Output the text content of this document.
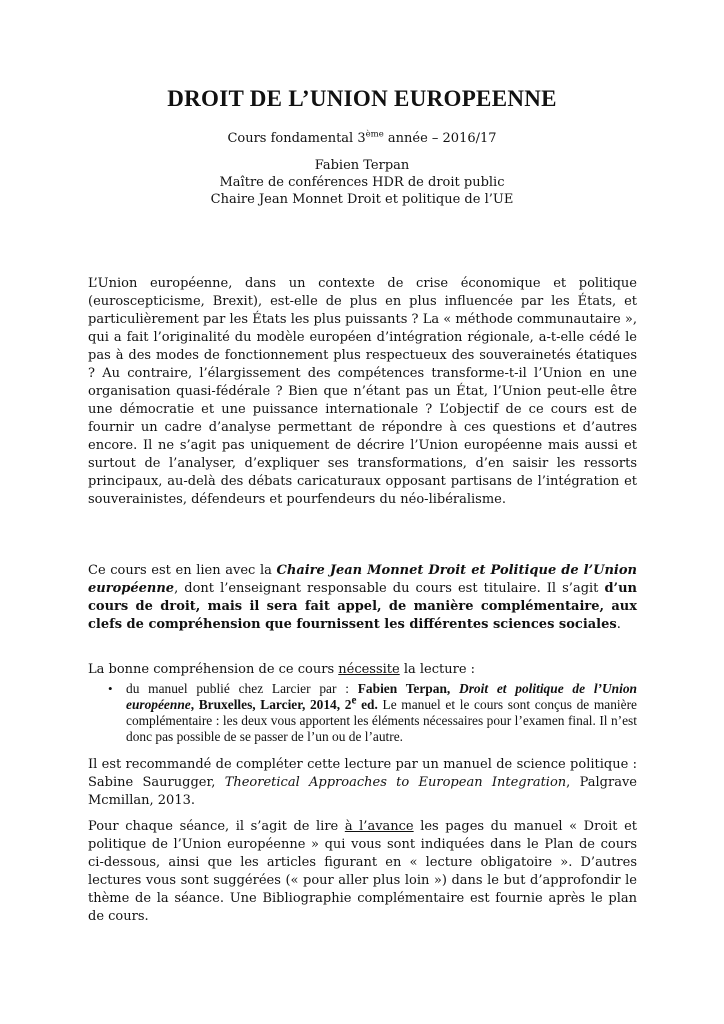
DROIT DE L’UNION EUROPEENNE

Cours fondamental 3ème année – 2016/17

Fabien Terpan

Maître de conférences HDR de droit public

Chaire Jean Monnet Droit et politique de l’UE

L’Union européenne, dans un contexte de crise économique et politique (euroscepticisme, Brexit), est-elle de plus en plus influencée par les États, et particulièrement par les États les plus puissants ? La « méthode communautaire », qui a fait l’originalité du modèle européen d’intégration régionale, a-t-elle cédé le pas à des modes de fonctionnement plus respectueux des souverainetés étatiques ? Au contraire, l’élargissement des compétences transforme-t-il l’Union en une organisation quasi-fédérale ? Bien que n’étant pas un État, l’Union peut-elle être une démocratie et une puissance internationale ? L’objectif de ce cours est de fournir un cadre d’analyse permettant de répondre à ces questions et d’autres encore. Il ne s’agit pas uniquement de décrire l’Union européenne mais aussi et surtout de l’analyser, d’expliquer ses transformations, d’en saisir les ressorts principaux, au-delà des débats caricaturaux opposant partisans de l’intégration et souverainistes, défendeurs et pourfendeurs du néo-libéralisme.

Ce cours est en lien avec la Chaire Jean Monnet Droit et Politique de l’Union européenne, dont l’enseignant responsable du cours est titulaire. Il s’agit d’un cours de droit, mais il sera fait appel, de manière complémentaire, aux clefs de compréhension que fournissent les différentes sciences sociales.

La bonne compréhension de ce cours nécessite la lecture :

• du manuel publié chez Larcier par : Fabien Terpan, Droit et politique de l’Union européenne, Bruxelles, Larcier, 2014, 2e ed. Le manuel et le cours sont conçus de manière complémentaire : les deux vous apportent les éléments nécessaires pour l’examen final. Il n’est donc pas possible de se passer de l’un ou de l’autre.

Il est recommandé de compléter cette lecture par un manuel de science politique : Sabine Saurugger, Theoretical Approaches to European Integration, Palgrave Mcmillan, 2013.

Pour chaque séance, il s’agit de lire à l’avance les pages du manuel « Droit et politique de l’Union européenne » qui vous sont indiquées dans le Plan de cours ci-dessous, ainsi que les articles figurant en « lecture obligatoire ». D’autres lectures vous sont suggérées (« pour aller plus loin ») dans le but d’approfondir le thème de la séance. Une Bibliographie complémentaire est fournie après le plan de cours.
